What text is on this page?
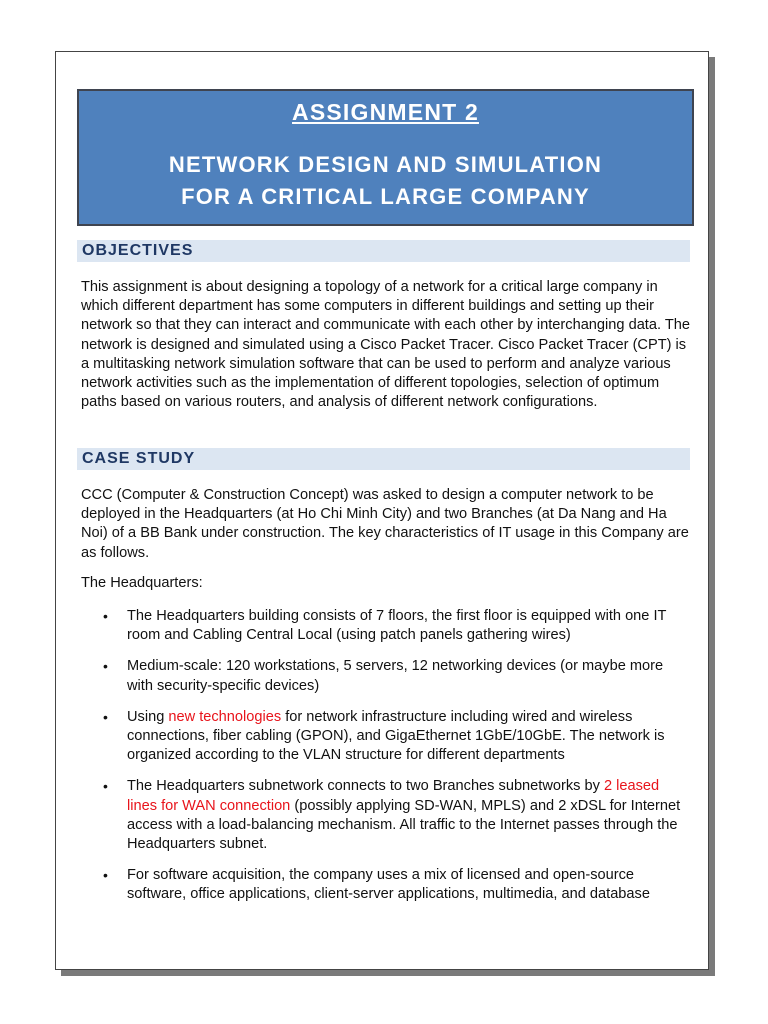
ASSIGNMENT 2
NETWORK DESIGN AND SIMULATION
FOR A CRITICAL LARGE COMPANY
OBJECTIVES

This assignment is about designing a topology of a network for a critical large company in which different department has some computers in different buildings and setting up their network so that they can interact and communicate with each other by interchanging data. The network is designed and simulated using a Cisco Packet Tracer. Cisco Packet Tracer (CPT) is a multitasking network simulation software that can be used to perform and analyze various network activities such as the implementation of different topologies, selection of optimum paths based on various routers, and analysis of different network configurations.

CASE STUDY

CCC (Computer & Construction Concept) was asked to design a computer network to be deployed in the Headquarters (at Ho Chi Minh City) and two Branches (at Da Nang and Ha Noi) of a BB Bank under construction. The key characteristics of IT usage in this Company are as follows.

The Headquarters:

• The Headquarters building consists of 7 floors, the first floor is equipped with one IT room and Cabling Central Local (using patch panels gathering wires)
• Medium-scale: 120 workstations, 5 servers, 12 networking devices (or maybe more with security-specific devices)
• Using new technologies for network infrastructure including wired and wireless connections, fiber cabling (GPON), and GigaEthernet 1GbE/10GbE. The network is organized according to the VLAN structure for different departments
• The Headquarters subnetwork connects to two Branches subnetworks by 2 leased lines for WAN connection (possibly applying SD-WAN, MPLS) and 2 xDSL for Internet access with a load-balancing mechanism. All traffic to the Internet passes through the Headquarters subnet.
• For software acquisition, the company uses a mix of licensed and open-source software, office applications, client-server applications, multimedia, and database
